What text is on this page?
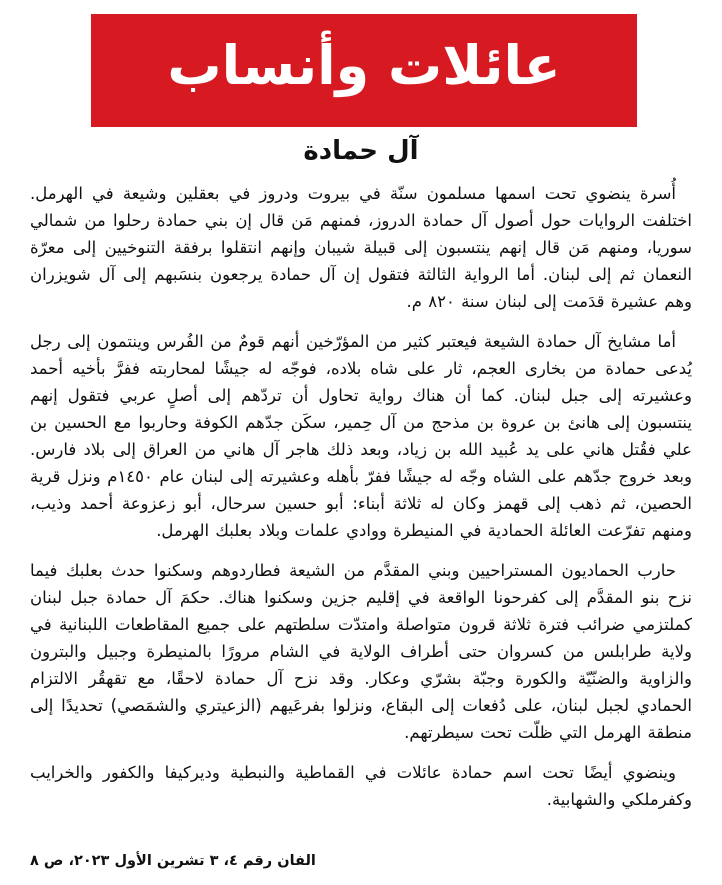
عائلات وأنساب
آل حمادة

أُسرة ينضوي تحت اسمها مسلمون سنّة في بيروت ودروز في بعقلين وشيعة في الهرمل. اختلفت الروايات حول أصول آل حمادة الدروز، فمنهم مَن قال إن بني حمادة رحلوا من شمالي سوريا، ومنهم مَن قال إنهم ينتسبون إلى قبيلة شيبان وإنهم انتقلوا برفقة التنوخيين إلى معرّة النعمان ثم إلى لبنان. أما الرواية الثالثة فتقول إن آل حمادة يرجعون بنسَبهم إلى آل شويزران وهم عشيرة قدَمت إلى لبنان سنة ٨٢٠ م.

أما مشايخ آل حمادة الشيعة فيعتبر كثير من المؤرّخين أنهم قومٌ من الفُرس وينتمون إلى رجل يُدعى حمادة من بخارى العجم، ثار على شاه بلاده، فوجّه له جيشًا لمحاربته ففرَّ بأخيه أحمد وعشيرته إلى جبل لبنان. كما أن هناك رواية تحاول أن تردّهم إلى أصلٍ عربي فتقول إنهم ينتسبون إلى هانئ بن عروة بن مذحج من آل حِمير، سكَن جدّهم الكوفة وحاربوا مع الحسين بن علي فقُتل هاني على يد عُبيد الله بن زياد، وبعد ذلك هاجر آل هاني من العراق إلى بلاد فارس. وبعد خروج جدّهم على الشاه وجّه له جيشًا ففرّ بأهله وعشيرته إلى لبنان عام ١٤٥٠م ونزل قرية الحصين، ثم ذهب إلى قهمز وكان له ثلاثة أبناء: أبو حسين سرحال، أبو زعزوعة أحمد وذيب، ومنهم تفرّعت العائلة الحمادية في المنيطرة ووادي علمات وبلاد بعلبك الهرمل.

حارب الحماديون المستراحيين وبني المقدَّم من الشيعة فطاردوهم وسكنوا حدث بعلبك فيما نزح بنو المقدَّم إلى كفرحونا الواقعة في إقليم جزين وسكنوا هناك. حكمَ آل حمادة جبل لبنان كملتزمي ضرائب فترة ثلاثة قرون متواصلة وامتدّت سلطتهم على جميع المقاطعات اللبنانية في ولاية طرابلس من كسروان حتى أطراف الولاية في الشام مرورًا بالمنيطرة وجبيل والبترون والزاوية والضنّيّة والكورة وجبّة بشرّي وعكار. وقد نزح آل حمادة لاحقًا، مع تقهقُر الالتزام الحمادي لجبل لبنان، على دُفعات إلى البقاع، ونزلوا بفرعَيهم (الزعيتري والشمَصي) تحديدًا إلى منطقة الهرمل التي ظلّت تحت سيطرتهم.

وينضوي أيضًا تحت اسم حمادة عائلات في القماطية والنبطية وديركيفا والكفور والخرايب وكفرملكي والشهابية.

الفان رقم ٤، ٣ تشرين الأول ٢٠٢٣، ص ٨
